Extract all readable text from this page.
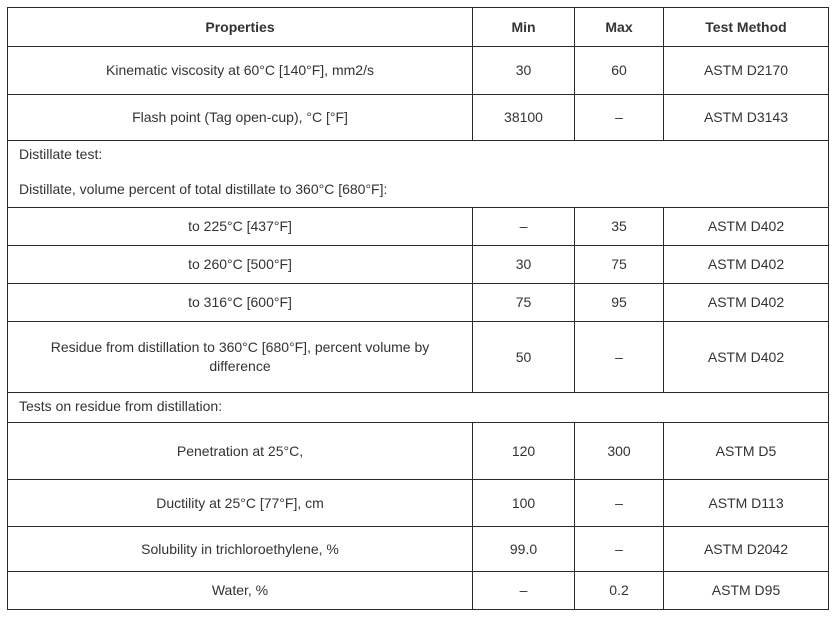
Properties	Min	Max	Test Method
Kinematic viscosity at 60°C [140°F], mm2/s	30	60	ASTM D2170
Flash point (Tag open-cup), °C [°F]	38100	–	ASTM D3143

Distillate test:
Distillate, volume percent of total distillate to 360°C [680°F]:			

to 225°C [437°F]	–	35	ASTM D402
to 260°C [500°F]	30	75	ASTM D402
to 316°C [600°F]	75	95	ASTM D402
Residue from distillation to 360°C [680°F], percent volume by difference	50	–	ASTM D402

Tests on residue from distillation:			

Penetration at 25°C,	120	300	ASTM D5
Ductility at 25°C [77°F], cm	100	–	ASTM D113
Solubility in trichloroethylene, %	99.0	–	ASTM D2042
Water, %	–	0.2	ASTM D95
